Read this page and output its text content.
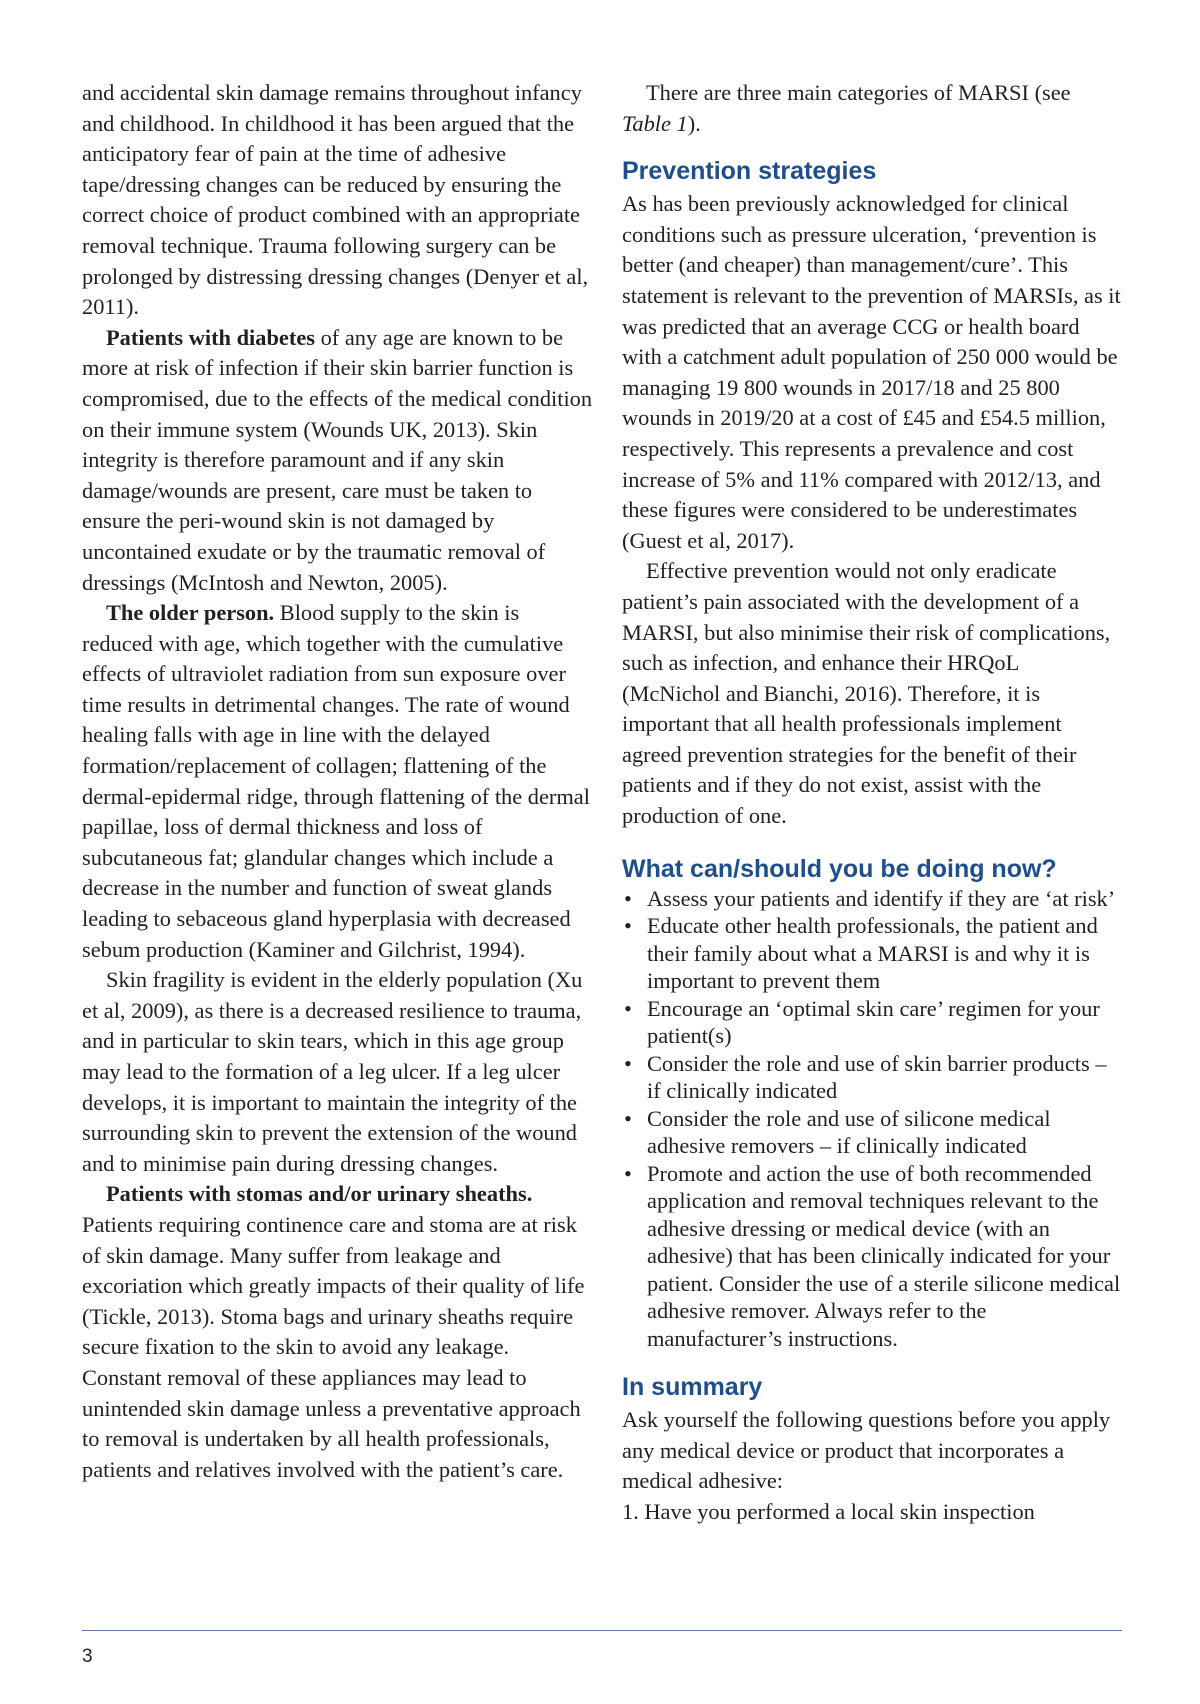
and accidental skin damage remains throughout infancy and childhood. In childhood it has been argued that the anticipatory fear of pain at the time of adhesive tape/dressing changes can be reduced by ensuring the correct choice of product combined with an appropriate removal technique. Trauma following surgery can be prolonged by distressing dressing changes (Denyer et al, 2011).

Patients with diabetes of any age are known to be more at risk of infection if their skin barrier function is compromised, due to the effects of the medical condition on their immune system (Wounds UK, 2013). Skin integrity is therefore paramount and if any skin damage/wounds are present, care must be taken to ensure the peri-wound skin is not damaged by uncontained exudate or by the traumatic removal of dressings (McIntosh and Newton, 2005).

The older person. Blood supply to the skin is reduced with age, which together with the cumulative effects of ultraviolet radiation from sun exposure over time results in detrimental changes. The rate of wound healing falls with age in line with the delayed formation/replacement of collagen; flattening of the dermal-epidermal ridge, through flattening of the dermal papillae, loss of dermal thickness and loss of subcutaneous fat; glandular changes which include a decrease in the number and function of sweat glands leading to sebaceous gland hyperplasia with decreased sebum production (Kaminer and Gilchrist, 1994).

Skin fragility is evident in the elderly population (Xu et al, 2009), as there is a decreased resilience to trauma, and in particular to skin tears, which in this age group may lead to the formation of a leg ulcer. If a leg ulcer develops, it is important to maintain the integrity of the surrounding skin to prevent the extension of the wound and to minimise pain during dressing changes.

Patients with stomas and/or urinary sheaths. Patients requiring continence care and stoma are at risk of skin damage. Many suffer from leakage and excoriation which greatly impacts of their quality of life (Tickle, 2013). Stoma bags and urinary sheaths require secure fixation to the skin to avoid any leakage. Constant removal of these appliances may lead to unintended skin damage unless a preventative approach to removal is undertaken by all health professionals, patients and relatives involved with the patient’s care.

There are three main categories of MARSI (see Table 1).

Prevention strategies

As has been previously acknowledged for clinical conditions such as pressure ulceration, ‘prevention is better (and cheaper) than management/cure’. This statement is relevant to the prevention of MARSIs, as it was predicted that an average CCG or health board with a catchment adult population of 250 000 would be managing 19 800 wounds in 2017/18 and 25 800 wounds in 2019/20 at a cost of £45 and £54.5 million, respectively. This represents a prevalence and cost increase of 5% and 11% compared with 2012/13, and these figures were considered to be underestimates (Guest et al, 2017).

Effective prevention would not only eradicate patient’s pain associated with the development of a MARSI, but also minimise their risk of complications, such as infection, and enhance their HRQoL (McNichol and Bianchi, 2016). Therefore, it is important that all health professionals implement agreed prevention strategies for the benefit of their patients and if they do not exist, assist with the production of one.

What can/should you be doing now?
• Assess your patients and identify if they are ‘at risk’
• Educate other health professionals, the patient and their family about what a MARSI is and why it is important to prevent them
• Encourage an ‘optimal skin care’ regimen for your patient(s)
• Consider the role and use of skin barrier products – if clinically indicated
• Consider the role and use of silicone medical adhesive removers – if clinically indicated
• Promote and action the use of both recommended application and removal techniques relevant to the adhesive dressing or medical device (with an adhesive) that has been clinically indicated for your patient. Consider the use of a sterile silicone medical adhesive remover. Always refer to the manufacturer’s instructions.
In summary

Ask yourself the following questions before you apply any medical device or product that incorporates a medical adhesive:

1. Have you performed a local skin inspection

3
